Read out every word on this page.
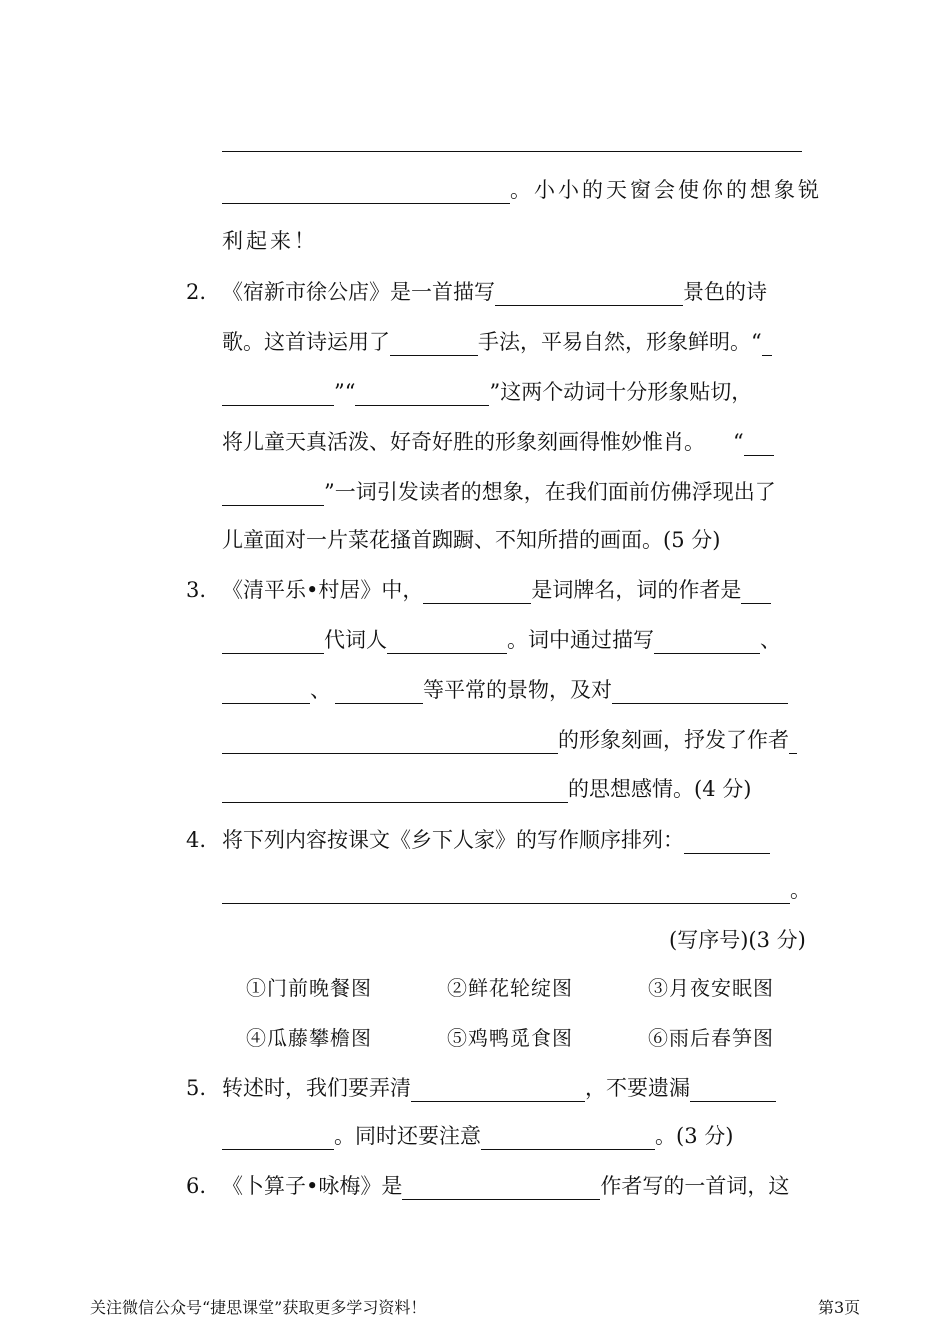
。小小的天窗会使你的想象锐
利起来！
2. 《宿新市徐公店》是一首描写	景色的诗
歌。这首诗运用了	手法，平易自然，形象鲜明。“
”“	”这两个动词十分形象贴切，
将儿童天真活泼、好奇好胜的形象刻画得惟妙惟肖。 “
”一词引发读者的想象，在我们面前仿佛浮现出了
儿童面对一片菜花搔首踟蹰、不知所措的画面。(5 分)
3. 《清平乐•村居》中，	是词牌名，词的作者是
代词人	。词中通过描写	、
、	等平常的景物，及对
的形象刻画，抒发了作者
的思想感情。(4 分)
4. 将下列内容按课文《乡下人家》的写作顺序排列：
。
(写序号)(3 分)
①门前晚餐图	②鲜花轮绽图	③月夜安眠图
④瓜藤攀檐图	⑤鸡鸭觅食图	⑥雨后春笋图
5. 转述时，我们要弄清	，不要遗漏
。同时还要注意	。(3 分)
6. 《卜算子•咏梅》是	作者写的一首词，这
关注微信公众号“捷思课堂”获取更多学习资料！	第3页
